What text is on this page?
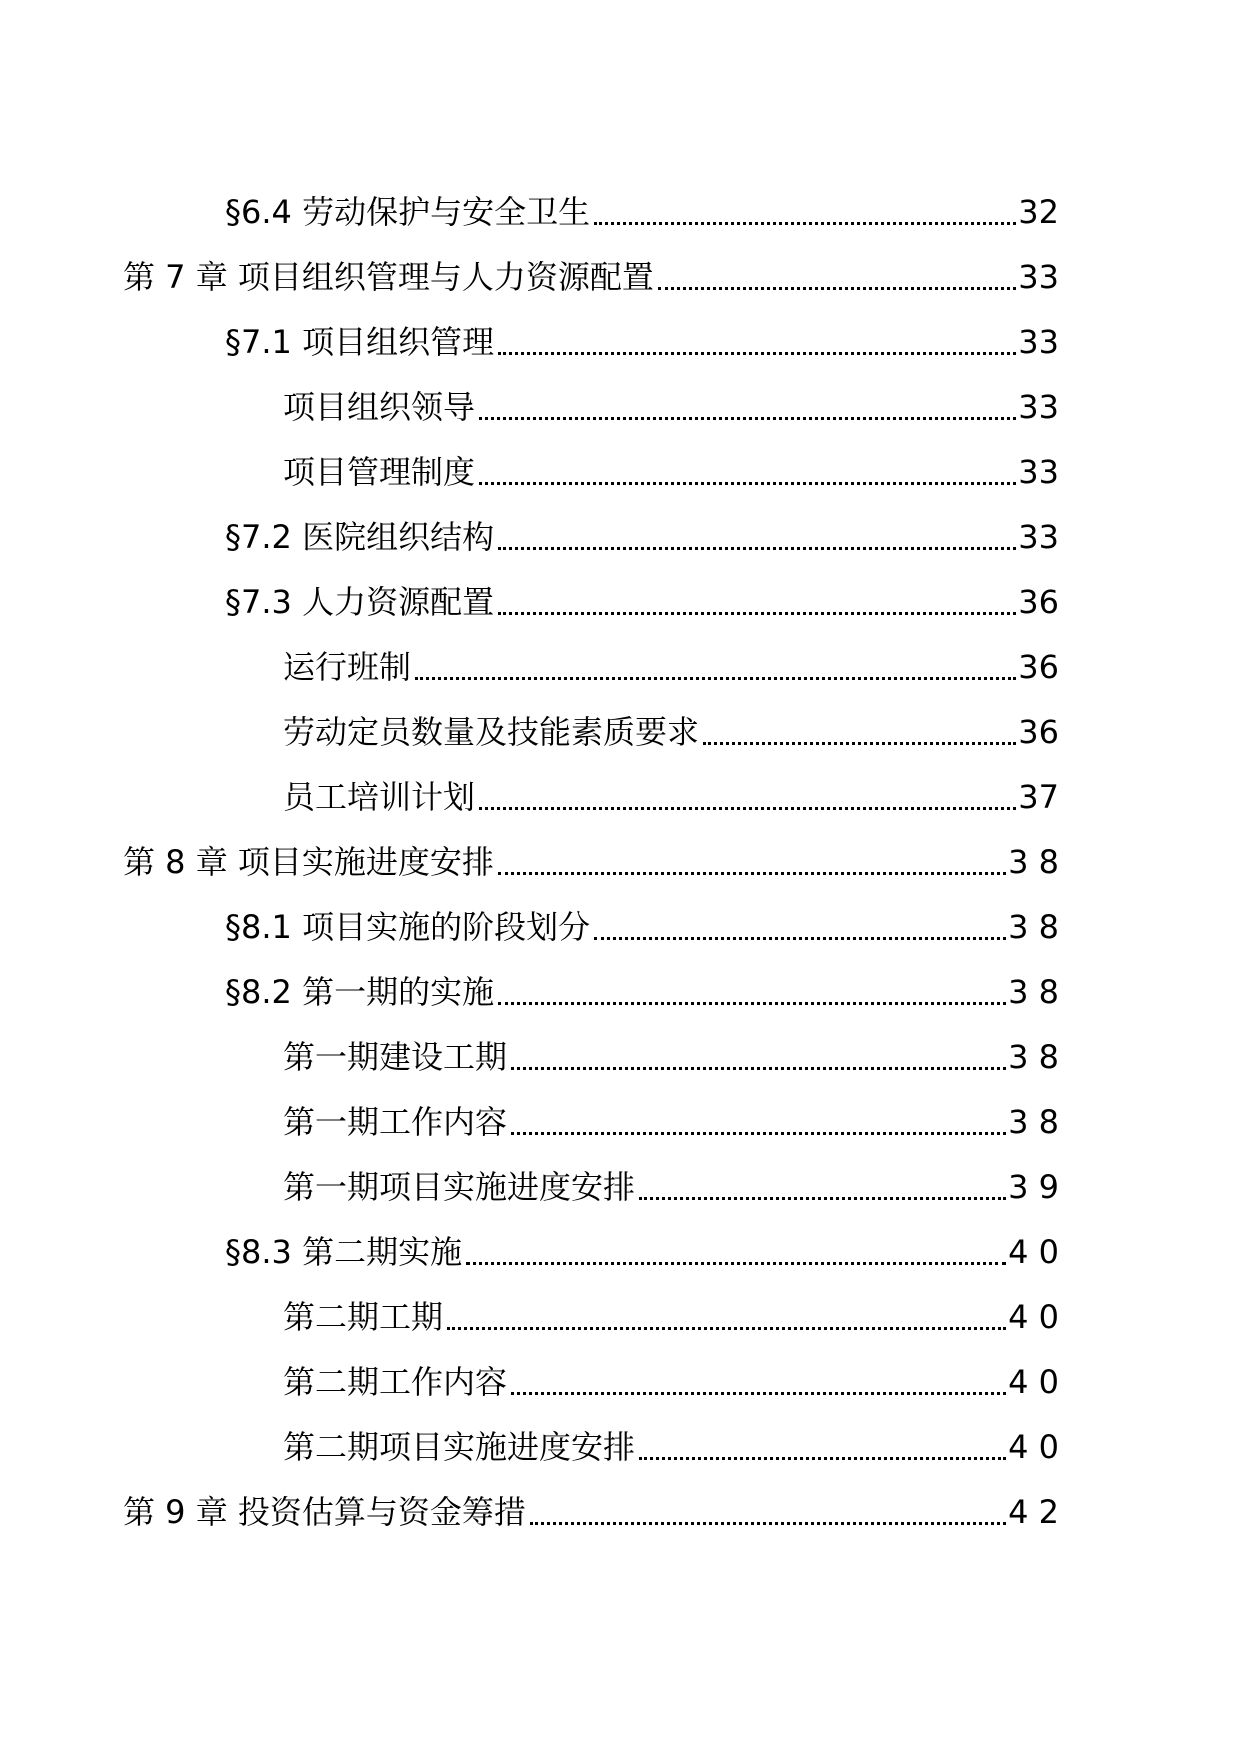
§6.4 劳动保护与安全卫生	32
第 7 章 项目组织管理与人力资源配置	33
§7.1 项目组织管理	33
项目组织领导	33
项目管理制度	33
§7.2 医院组织结构	33
§7.3 人力资源配置	36
运行班制	36
劳动定员数量及技能素质要求	36
员工培训计划	37
第 8 章 项目实施进度安排	3 8
§8.1 项目实施的阶段划分	3 8
§8.2 第一期的实施	3 8
第一期建设工期	3 8
第一期工作内容	3 8
第一期项目实施进度安排	3 9
§8.3 第二期实施	4 0
第二期工期	4 0
第二期工作内容	4 0
第二期项目实施进度安排	4 0
第 9 章 投资估算与资金筹措	4 2
